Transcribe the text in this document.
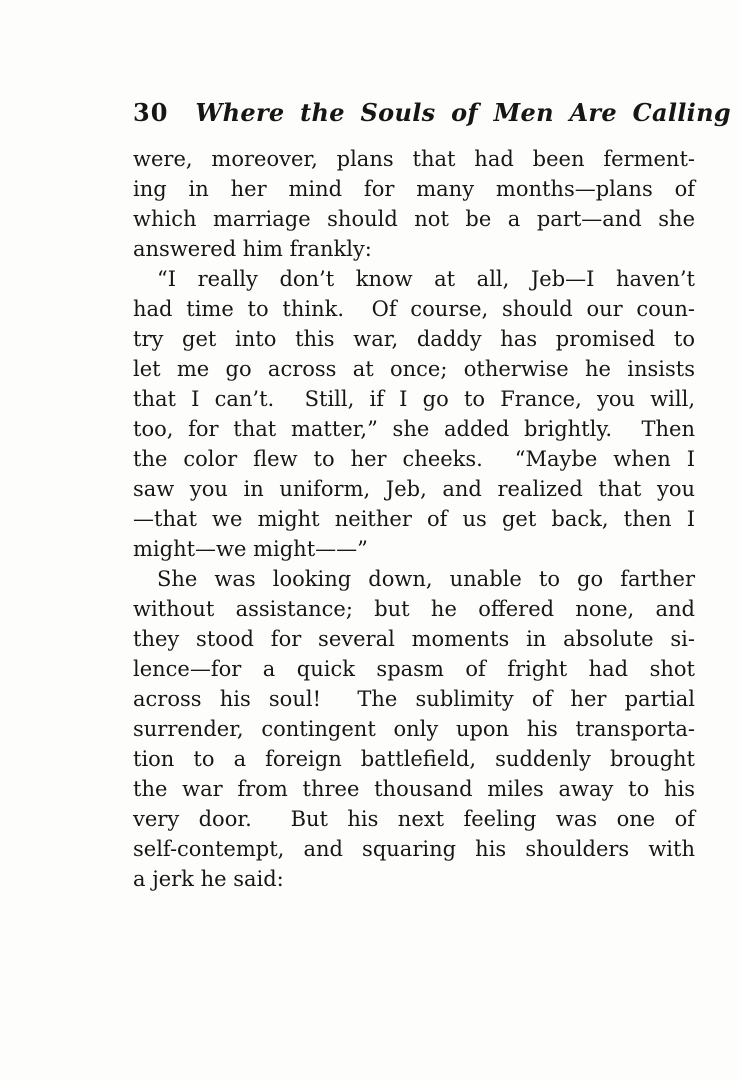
30 Where the Souls of Men Are Calling
were, moreover, plans that had been ferment-
ing in her mind for many months—plans of
which marriage should not be a part—and she
answered him frankly:
“I really don’t know at all, Jeb—I haven’t
had time to think.  Of course, should our coun-
try get into this war, daddy has promised to
let me go across at once; otherwise he insists
that I can’t.  Still, if I go to France, you will,
too, for that matter,” she added brightly.  Then
the color flew to her cheeks.  “Maybe when I
saw you in uniform, Jeb, and realized that you
—that we might neither of us get back, then I
might—we might——”
She was looking down, unable to go farther
without assistance; but he offered none, and
they stood for several moments in absolute si-
lence—for a quick spasm of fright had shot
across his soul!  The sublimity of her partial
surrender, contingent only upon his transporta-
tion to a foreign battlefield, suddenly brought
the war from three thousand miles away to his
very door.  But his next feeling was one of
self-contempt, and squaring his shoulders with
a jerk he said:
